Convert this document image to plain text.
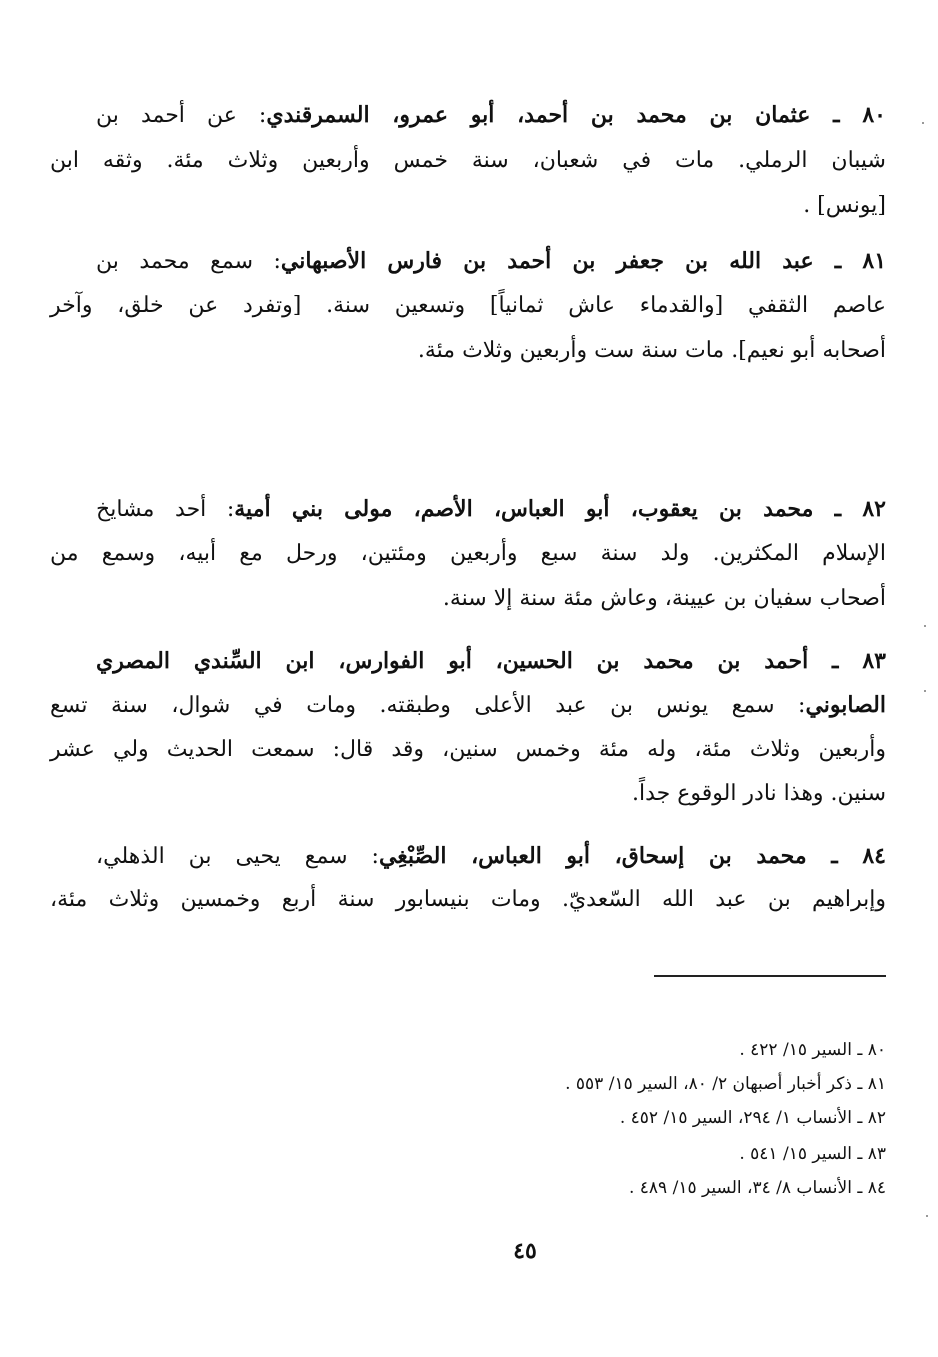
٨٠ ـ عثمان بن محمد بن أحمد، أبو عمرو، السمرقندي: عن أحمد بن
شيبان الرملي. مات في شعبان، سنة خمس وأربعين وثلاث مئة. وثقه ابن
[يونس] .
٨١ ـ عبد الله بن جعفر بن أحمد بن فارس الأصبهاني: سمع محمد بن
عاصم الثقفي [والقدماء عاش ثمانياً] وتسعين سنة. [وتفرد عن خلق، وآخر
أصحابه أبو نعيم]. مات سنة ست وأربعين وثلاث مئة.
٨٢ ـ محمد بن يعقوب، أبو العباس، الأصم، مولى بني أمية: أحد مشايخ
الإسلام المكثرين. ولد سنة سبع وأربعين ومئتين، ورحل مع أبيه، وسمع من
أصحاب سفيان بن عيينة، وعاش مئة سنة إلا سنة.
٨٣ ـ أحمد بن محمد بن الحسين، أبو الفوارس، ابن السِّندي المصري
الصابوني: سمع يونس بن عبد الأعلى وطبقته. ومات في شوال، سنة تسع
وأربعين وثلاث مئة، وله مئة وخمس سنين، وقد قال: سمعت الحديث ولي عشر
سنين. وهذا نادر الوقوع جداً.
٨٤ ـ محمد بن إسحاق، أبو العباس، الصِّبْغِي: سمع يحيى بن الذهلي،
وإبراهيم بن عبد الله السّعديّ. ومات بنيسابور سنة أربع وخمسين وثلاث مئة،
٨٠ ـ السير ١٥/ ٤٢٢ .
٨١ ـ ذكر أخبار أصبهان ٢/ ٨٠، السير ١٥/ ٥٥٣ .
٨٢ ـ الأنساب ١/ ٢٩٤، السير ١٥/ ٤٥٢ .
٨٣ ـ السير ١٥/ ٥٤١ .
٨٤ ـ الأنساب ٨/ ٣٤، السير ١٥/ ٤٨٩ .
٤٥
